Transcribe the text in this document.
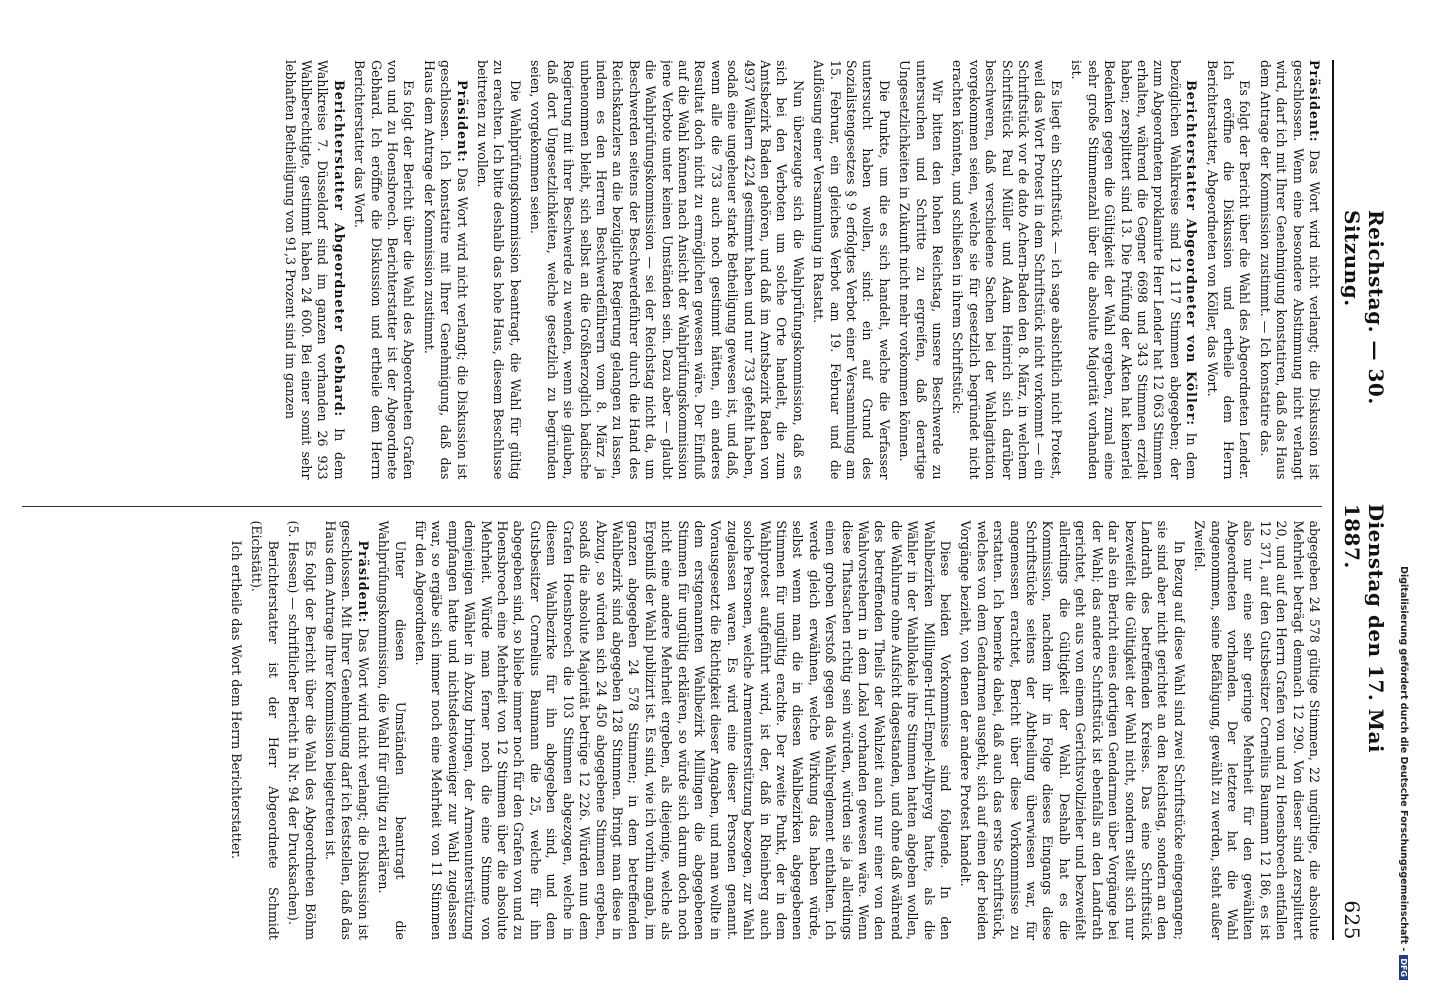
Reichstag. — 30. Sitzung.
Dienstag den 17. Mai 1887.
625

Präsident: Das Wort wird nicht verlangt; die Diskussion ist geschlossen. Wenn eine besondere Abstimmung nicht verlangt wird, darf ich mit Ihrer Genehmigung konstatiren, daß das Haus dem Antrage der Kommission zustimmt. — Ich konstatire das.

Es folgt der Bericht über die Wahl des Abgeordneten Lender. Ich eröffne die Diskussion und ertheile dem Herrn Berichterstatter, Abgeordneten von Köller, das Wort.

Berichterstatter Abgeordneter von Köller: In dem bezüglichen Wahlkreise sind 12 117 Stimmen abgegeben; der zum Abgeordneten proklamirte Herr Lender hat 12 063 Stimmen erhalten, während die Gegner 6698 und 343 Stimmen erzielt haben; zersplittert sind 13. Die Prüfung der Akten hat keinerlei Bedenken gegen die Gültigkeit der Wahl ergeben, zumal eine sehr große Stimmenzahl über die absolute Majorität vorhanden ist.

Es liegt ein Schriftstück — ich sage absichtlich nicht Protest, weil das Wort Protest in dem Schriftstück nicht vorkommt — ein Schriftstück vor de dato Achern-Baden den 8. März, in welchem Schriftstück Paul Müller und Adam Heinrich sich darüber beschweren, daß verschiedene Sachen bei der Wahlagitation vorgekommen seien, welche sie für gesetzlich begründet nicht erachten könnten, und schließen in ihrem Schriftstück:

Wir bitten den hohen Reichstag, unsere Beschwerde zu untersuchen und Schritte zu ergreifen, daß derartige Ungesetzlichkeiten in Zukunft nicht mehr vorkommen können.

Die Punkte, um die es sich handelt, welche die Verfasser untersucht haben wollen, sind: ein auf Grund des Sozialistengesetzes § 9 erfolgtes Verbot einer Versammlung am 15. Februar, ein gleiches Verbot am 19. Februar und die Auflösung einer Versammlung in Rastatt.

Nun überzeugte sich die Wahlprüfungskommission, daß es sich bei den Verboten um solche Orte handelt, die zum Amtsbezirk Baden gehören, und daß im Amtsbezirk Baden von 4937 Wählern 4224 gestimmt haben und nur 733 gefehlt haben, sodaß eine ungeheuer starke Betheiligung gewesen ist, und daß, wenn alle die 733 auch noch gestimmt hätten, ein anderes Resultat doch nicht zu ermöglichen gewesen wäre. Der Einfluß auf die Wahl können nach Ansicht der Wahlprüfungskommission jene Verbote unter keinen Umständen sein. Dazu aber — glaubt die Wahlprüfungskommission — sei der Reichstag nicht da, um Beschwerden seitens der Beschwerdeführer durch die Hand des Reichskanzlers an die bezügliche Regierung gelangen zu lassen, indem es den Herren Beschwerdeführern vom 8. März ja unbenommen bleibt, sich selbst an die Großherzoglich badische Regierung mit ihrer Beschwerde zu wenden, wenn sie glauben, daß dort Ungesetzlichkeiten, welche gesetzlich zu begründen seien, vorgekommen seien.

Die Wahlprüfungskommission beantragt, die Wahl für gültig zu erachten. Ich bitte deshalb das hohe Haus, diesem Beschlusse beitreten zu wollen.

Präsident: Das Wort wird nicht verlangt; die Diskussion ist geschlossen. Ich konstatire mit Ihrer Genehmigung, daß das Haus dem Antrage der Kommission zustimmt.

Es folgt der Bericht über die Wahl des Abgeordneten Grafen von und zu Hoensbroech. Berichterstatter ist der Abgeordnete Gebhard. Ich eröffne die Diskussion und ertheile dem Herrn Berichterstatter das Wort.

Berichterstatter Abgeordneter Gebhard: In dem Wahlkreise 7. Düsseldorf sind im ganzen vorhanden 26 933 Wahlberechtigte, gestimmt haben 24 600. Bei einer somit sehr lebhaften Betheiligung von 91,3 Prozent sind im ganzen

abgegeben 24 578 gültige Stimmen, 22 ungültige, die absolute Mehrheit beträgt demnach 12 290. Von dieser sind zersplittert 20, und auf den Herrn Grafen von und zu Hoensbroech entfallen 12 371, auf den Gutsbesitzer Cornelius Baumann 12 186, es ist also nur eine sehr geringe Mehrheit für den gewählten Abgeordneten vorhanden. Der letztere hat die Wahl angenommen, seine Befähigung, gewählt zu werden, steht außer Zweifel.

In Bezug auf diese Wahl sind zwei Schriftstücke eingegangen; sie sind aber nicht gerichtet an den Reichstag, sondern an den Landrath des betreffenden Kreises. Das eine Schriftstück bezweifelt die Gültigkeit der Wahl nicht, sondern stellt sich nur dar als ein Bericht eines dortigen Gendarmen über Vorgänge bei der Wahl; das andere Schriftstück ist ebenfalls an den Landrath gerichtet, geht aus von einem Gerichtsvollzieher und bezweifelt allerdings die Gültigkeit der Wahl. Deshalb hat es die Kommission, nachdem ihr in Folge dieses Eingangs diese Schriftstücke seitens der Abtheilung überwiesen war, für angemessen erachtet, Bericht über diese Vorkommnisse zu erstatten. Ich bemerke dabei, daß auch das erste Schriftstück, welches von dem Gendarmen ausgeht, sich auf einen der beiden Vorgänge bezieht, von denen der andere Protest handelt.

Diese beiden Vorkommnisse sind folgende. In den Wahlbezirken Millingen-Hurl-Empel-Allpreyg hatte, als die Wähler in der Wahllokale ihre Stimmen hatten abgeben wollen, die Wahlurne ohne Aufsicht dagestanden, und ohne daß während des betreffenden Theils der Wahlzeit auch nur einer von den Wahlvorstehern in dem Lokal vorhanden gewesen wäre. Wenn diese Thatsachen richtig sein würden, würden sie ja allerdings einen groben Verstoß gegen das Wahlreglement enthalten. Ich werde gleich erwähnen, welche Wirkung das haben würde, selbst wenn man die in diesen Wahlbezirken abgegebenen Stimmen für ungültig erachte. Der zweite Punkt, der in dem Wahlprotest aufgeführt wird, ist der, daß in Rheinberg auch solche Personen, welche Armenunterstützung bezogen, zur Wahl zugelassen waren. Es wird eine dieser Personen genannt. Vorausgesetzt die Richtigkeit dieser Angaben, und man wollte in dem erstgenannten Wahlbezirk Millingen die abgegebenen Stimmen für ungültig erklären, so würde sich darum doch noch nicht eine andere Mehrheit ergeben, als diejenige, welche als Ergebniß der Wahl publizirt ist. Es sind, wie ich vorhin angab, im ganzen abgegeben 24 578 Stimmen; in dem betreffenden Wahlbezirk sind abgegeben 128 Stimmen. Bringt man diese in Abzug, so würden sich 24 450 abgegebene Stimmen ergeben, sodaß die absolute Majorität betrüge 12 226. Würden nun dem Grafen Hoensbroech die 103 Stimmen abgezogen, welche in diesem Wahlbezirke für ihn abgegeben sind, und dem Gutsbesitzer Cornelius Baumann die 25, welche für ihn abgegeben sind, so bliebe immer noch für den Grafen von und zu Hoensbroech eine Mehrheit von 12 Stimmen über die absolute Mehrheit. Würde man ferner noch die eine Stimme von demjenigen Wähler in Abzug bringen, der Armenunterstützung empfangen hatte und nichtsdestoweniger zur Wahl zugelassen war, so ergäbe sich immer noch eine Mehrheit von 11 Stimmen für den Abgeordneten.

Unter diesen Umständen beantragt die Wahlprüfungskommission, die Wahl für gültig zu erklären.

Präsident: Das Wort wird nicht verlangt; die Diskussion ist geschlossen. Mit Ihrer Genehmigung darf ich feststellen, daß das Haus dem Antrage Ihrer Kommission beigetreten ist.

Es folgt der Bericht über die Wahl des Abgeordneten Böhm (5. Hessen) — schriftlicher Bericht in Nr. 94 der Drucksachen).

Berichterstatter ist der Herr Abgeordnete Schmidt (Eichstätt).

Ich ertheile das Wort dem Herrn Berichterstatter.	Digitalisierung gefördert durch die Deutsche Forschungsgemeinschaft -DFG
